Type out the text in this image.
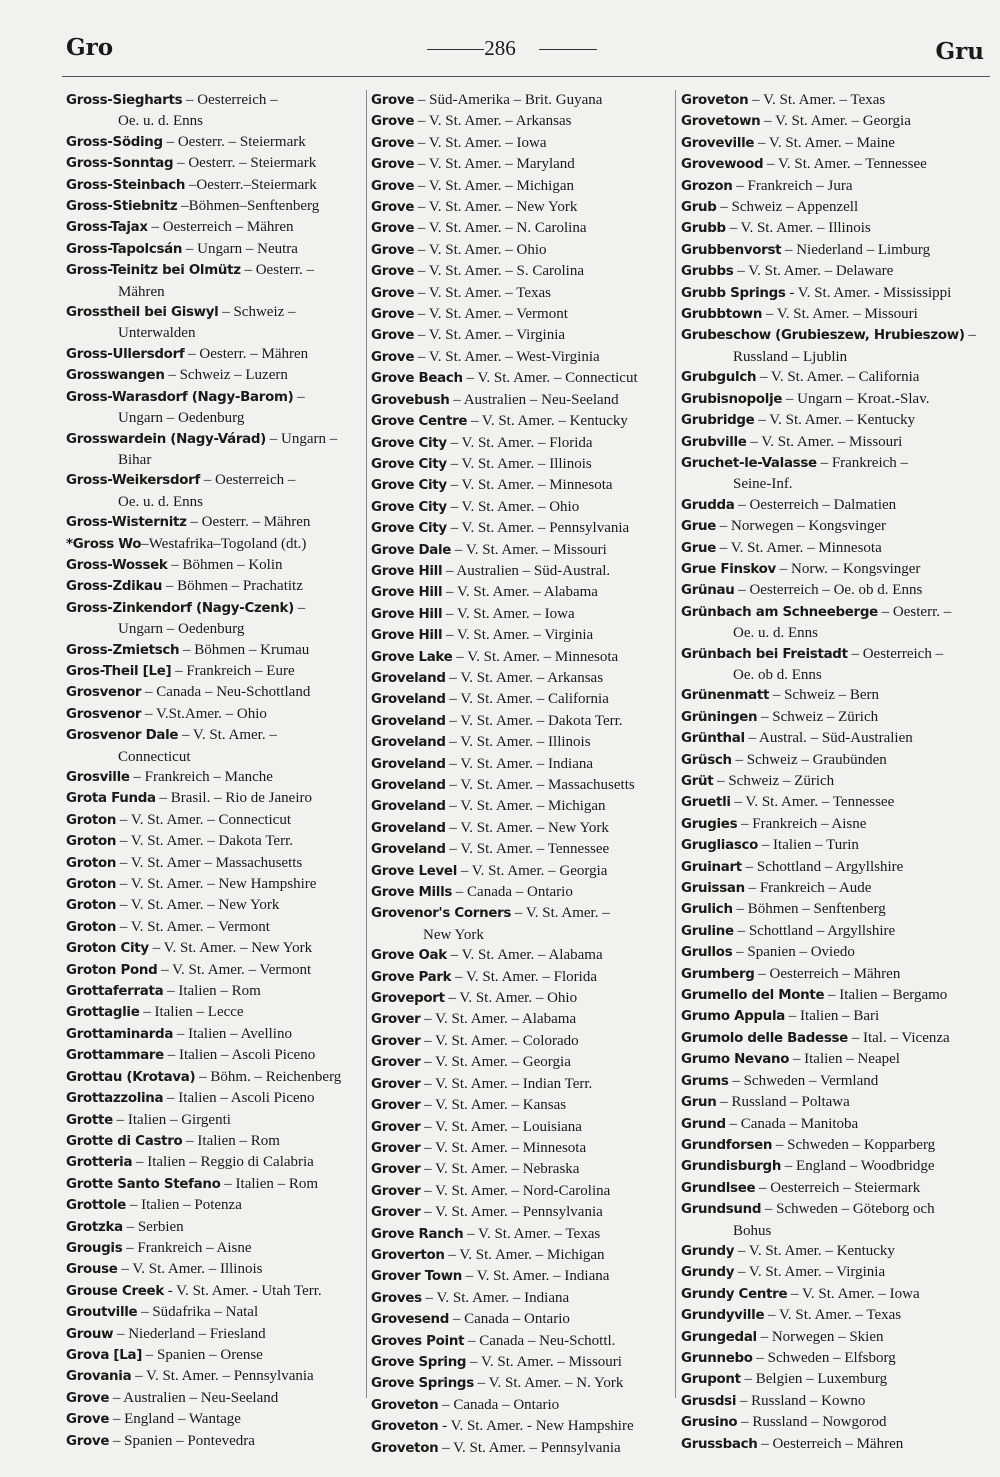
Gro	286	Gru
Gross-Siegharts – Oesterreich –
Oe. u. d. Enns
Gross-Söding – Oesterr. – Steiermark
Gross-Sonntag – Oesterr. – Steiermark
Gross-Steinbach –Oesterr.–Steiermark
Gross-Stiebnitz –Böhmen–Senftenberg
Gross-Tajax – Oesterreich – Mähren
Gross-Tapolcsán – Ungarn – Neutra
Gross-Teinitz bei Olmütz – Oesterr. –
Mähren
Grosstheil bei Giswyl – Schweiz –
Unterwalden
Gross-Ullersdorf – Oesterr. – Mähren
Grosswangen – Schweiz – Luzern
Gross-Warasdorf (Nagy-Barom) –
Ungarn – Oedenburg
Grosswardein (Nagy-Várad) – Ungarn –
Bihar
Gross-Weikersdorf – Oesterreich –
Oe. u. d. Enns
Gross-Wisternitz – Oesterr. – Mähren
*Gross Wo–Westafrika–Togoland (dt.)
Gross-Wossek – Böhmen – Kolin
Gross-Zdikau – Böhmen – Prachatitz
Gross-Zinkendorf (Nagy-Czenk) –
Ungarn – Oedenburg
Gross-Zmietsch – Böhmen – Krumau
Gros-Theil [Le] – Frankreich – Eure
Grosvenor – Canada – Neu-Schottland
Grosvenor – V.St.Amer. – Ohio
Grosvenor Dale – V. St. Amer. –
Connecticut
Grosville – Frankreich – Manche
Grota Funda – Brasil. – Rio de Janeiro
Groton – V. St. Amer. – Connecticut
Groton – V. St. Amer. – Dakota Terr.
Groton – V. St. Amer – Massachusetts
Groton – V. St. Amer. – New Hampshire
Groton – V. St. Amer. – New York
Groton – V. St. Amer. – Vermont
Groton City – V. St. Amer. – New York
Groton Pond – V. St. Amer. – Vermont
Grottaferrata – Italien – Rom
Grottaglie – Italien – Lecce
Grottaminarda – Italien – Avellino
Grottammare – Italien – Ascoli Piceno
Grottau (Krotava) – Böhm. – Reichenberg
Grottazzolina – Italien – Ascoli Piceno
Grotte – Italien – Girgenti
Grotte di Castro – Italien – Rom
Grotteria – Italien – Reggio di Calabria
Grotte Santo Stefano – Italien – Rom
Grottole – Italien – Potenza
Grotzka – Serbien
Grougis – Frankreich – Aisne
Grouse – V. St. Amer. – Illinois
Grouse Creek - V. St. Amer. - Utah Terr.
Groutville – Südafrika – Natal
Grouw – Niederland – Friesland
Grova [La] – Spanien – Orense
Grovania – V. St. Amer. – Pennsylvania
Grove – Australien – Neu-Seeland
Grove – England – Wantage
Grove – Spanien – Pontevedra
Grove – Süd-Amerika – Brit. Guyana
Grove – V. St. Amer. – Arkansas
Grove – V. St. Amer. – Iowa
Grove – V. St. Amer. – Maryland
Grove – V. St. Amer. – Michigan
Grove – V. St. Amer. – New York
Grove – V. St. Amer. – N. Carolina
Grove – V. St. Amer. – Ohio
Grove – V. St. Amer. – S. Carolina
Grove – V. St. Amer. – Texas
Grove – V. St. Amer. – Vermont
Grove – V. St. Amer. – Virginia
Grove – V. St. Amer. – West-Virginia
Grove Beach – V. St. Amer. – Connecticut
Grovebush – Australien – Neu-Seeland
Grove Centre – V. St. Amer. – Kentucky
Grove City – V. St. Amer. – Florida
Grove City – V. St. Amer. – Illinois
Grove City – V. St. Amer. – Minnesota
Grove City – V. St. Amer. – Ohio
Grove City – V. St. Amer. – Pennsylvania
Grove Dale – V. St. Amer. – Missouri
Grove Hill – Australien – Süd-Austral.
Grove Hill – V. St. Amer. – Alabama
Grove Hill – V. St. Amer. – Iowa
Grove Hill – V. St. Amer. – Virginia
Grove Lake – V. St. Amer. – Minnesota
Groveland – V. St. Amer. – Arkansas
Groveland – V. St. Amer. – California
Groveland – V. St. Amer. – Dakota Terr.
Groveland – V. St. Amer. – Illinois
Groveland – V. St. Amer. – Indiana
Groveland – V. St. Amer. – Massachusetts
Groveland – V. St. Amer. – Michigan
Groveland – V. St. Amer. – New York
Groveland – V. St. Amer. – Tennessee
Grove Level – V. St. Amer. – Georgia
Grove Mills – Canada – Ontario
Grovenor's Corners – V. St. Amer. –
New York
Grove Oak – V. St. Amer. – Alabama
Grove Park – V. St. Amer. – Florida
Groveport – V. St. Amer. – Ohio
Grover – V. St. Amer. – Alabama
Grover – V. St. Amer. – Colorado
Grover – V. St. Amer. – Georgia
Grover – V. St. Amer. – Indian Terr.
Grover – V. St. Amer. – Kansas
Grover – V. St. Amer. – Louisiana
Grover – V. St. Amer. – Minnesota
Grover – V. St. Amer. – Nebraska
Grover – V. St. Amer. – Nord-Carolina
Grover – V. St. Amer. – Pennsylvania
Grove Ranch – V. St. Amer. – Texas
Groverton – V. St. Amer. – Michigan
Grover Town – V. St. Amer. – Indiana
Groves – V. St. Amer. – Indiana
Grovesend – Canada – Ontario
Groves Point – Canada – Neu-Schottl.
Grove Spring – V. St. Amer. – Missouri
Grove Springs – V. St. Amer. – N. York
Groveton – Canada – Ontario
Groveton - V. St. Amer. - New Hampshire
Groveton – V. St. Amer. – Pennsylvania
Groveton – V. St. Amer. – Texas
Grovetown – V. St. Amer. – Georgia
Groveville – V. St. Amer. – Maine
Grovewood – V. St. Amer. – Tennessee
Grozon – Frankreich – Jura
Grub – Schweiz – Appenzell
Grubb – V. St. Amer. – Illinois
Grubbenvorst – Niederland – Limburg
Grubbs – V. St. Amer. – Delaware
Grubb Springs - V. St. Amer. - Mississippi
Grubbtown – V. St. Amer. – Missouri
Grubeschow (Grubieszew, Hrubieszow) –
Russland – Ljublin
Grubgulch – V. St. Amer. – California
Grubisnopolje – Ungarn – Kroat.-Slav.
Grubridge – V. St. Amer. – Kentucky
Grubville – V. St. Amer. – Missouri
Gruchet-le-Valasse – Frankreich –
Seine-Inf.
Grudda – Oesterreich – Dalmatien
Grue – Norwegen – Kongsvinger
Grue – V. St. Amer. – Minnesota
Grue Finskov – Norw. – Kongsvinger
Grünau – Oesterreich – Oe. ob d. Enns
Grünbach am Schneeberge – Oesterr. –
Oe. u. d. Enns
Grünbach bei Freistadt – Oesterreich –
Oe. ob d. Enns
Grünenmatt – Schweiz – Bern
Grüningen – Schweiz – Zürich
Grünthal – Austral. – Süd-Australien
Grüsch – Schweiz – Graubünden
Grüt – Schweiz – Zürich
Gruetli – V. St. Amer. – Tennessee
Grugies – Frankreich – Aisne
Grugliasco – Italien – Turin
Gruinart – Schottland – Argyllshire
Gruissan – Frankreich – Aude
Grulich – Böhmen – Senftenberg
Gruline – Schottland – Argyllshire
Grullos – Spanien – Oviedo
Grumberg – Oesterreich – Mähren
Grumello del Monte – Italien – Bergamo
Grumo Appula – Italien – Bari
Grumolo delle Badesse – Ital. – Vicenza
Grumo Nevano – Italien – Neapel
Grums – Schweden – Vermland
Grun – Russland – Poltawa
Grund – Canada – Manitoba
Grundforsen – Schweden – Kopparberg
Grundisburgh – England – Woodbridge
Grundlsee – Oesterreich – Steiermark
Grundsund – Schweden – Göteborg och
Bohus
Grundy – V. St. Amer. – Kentucky
Grundy – V. St. Amer. – Virginia
Grundy Centre – V. St. Amer. – Iowa
Grundyville – V. St. Amer. – Texas
Grungedal – Norwegen – Skien
Grunnebo – Schweden – Elfsborg
Grupont – Belgien – Luxemburg
Grusdsi – Russland – Kowno
Grusino – Russland – Nowgorod
Grussbach – Oesterreich – Mähren
